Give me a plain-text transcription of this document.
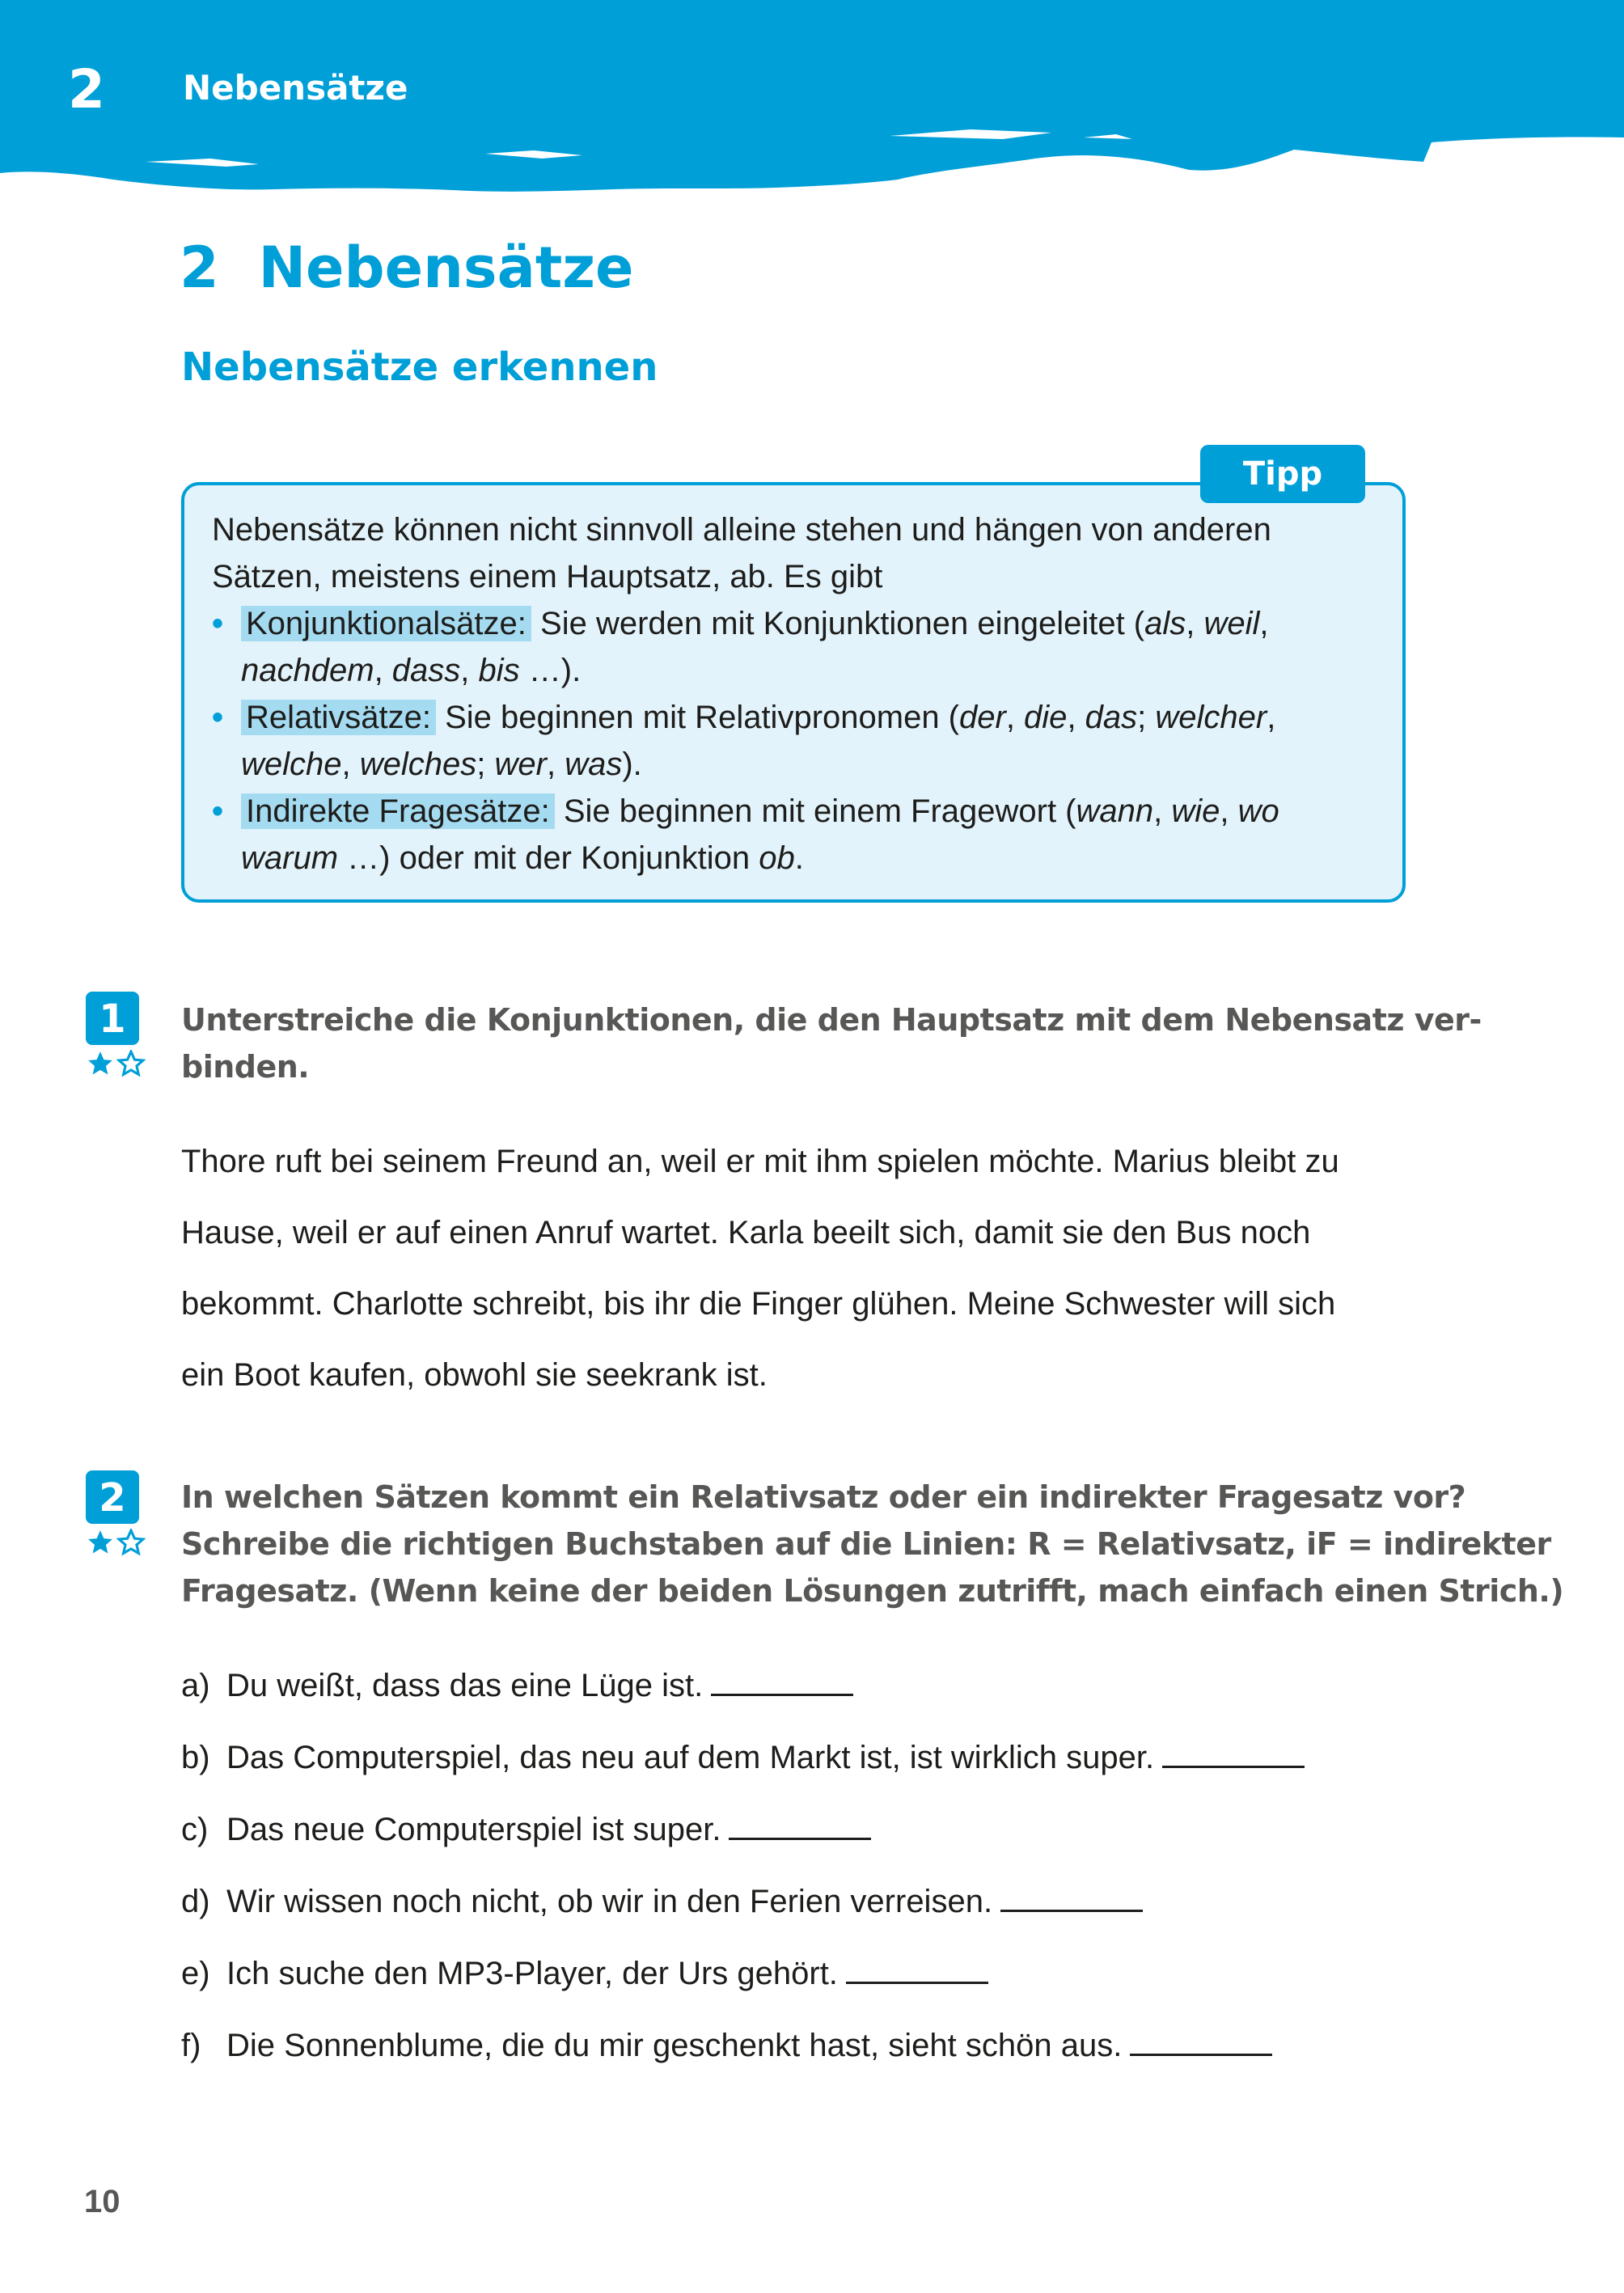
2 Nebensätze
2  Nebensätze
Nebensätze erkennen
Tipp
Nebensätze können nicht sinnvoll alleine stehen und hängen von anderen
Sätzen, meistens einem Hauptsatz, ab. Es gibt
• Konjunktionalsätze: Sie werden mit Konjunktionen eingeleitet (als, weil,
nachdem, dass, bis …).
• Relativsätze: Sie beginnen mit Relativpronomen (der, die, das; welcher,
welche, welches; wer, was).
• Indirekte Fragesätze: Sie beginnen mit einem Fragewort (wann, wie, wo
warum …) oder mit der Konjunktion ob.
1	Unterstreiche die Konjunktionen, die den Hauptsatz mit dem Nebensatz ver-
binden.
Thore ruft bei seinem Freund an, weil er mit ihm spielen möchte. Marius bleibt zu
Hause, weil er auf einen Anruf wartet. Karla beeilt sich, damit sie den Bus noch
bekommt. Charlotte schreibt, bis ihr die Finger glühen. Meine Schwester will sich
ein Boot kaufen, obwohl sie seekrank ist.
2	In welchen Sätzen kommt ein Relativsatz oder ein indirekter Fragesatz vor?
Schreibe die richtigen Buchstaben auf die Linien: R = Relativsatz, iF = indirekter
Fragesatz. (Wenn keine der beiden Lösungen zutrifft, mach einfach einen Strich.)
a) Du weißt, dass das eine Lüge ist.
b) Das Computerspiel, das neu auf dem Markt ist, ist wirklich super.
c) Das neue Computerspiel ist super.
d) Wir wissen noch nicht, ob wir in den Ferien verreisen.
e) Ich suche den MP3-Player, der Urs gehört.
f) Die Sonnenblume, die du mir geschenkt hast, sieht schön aus.
10
